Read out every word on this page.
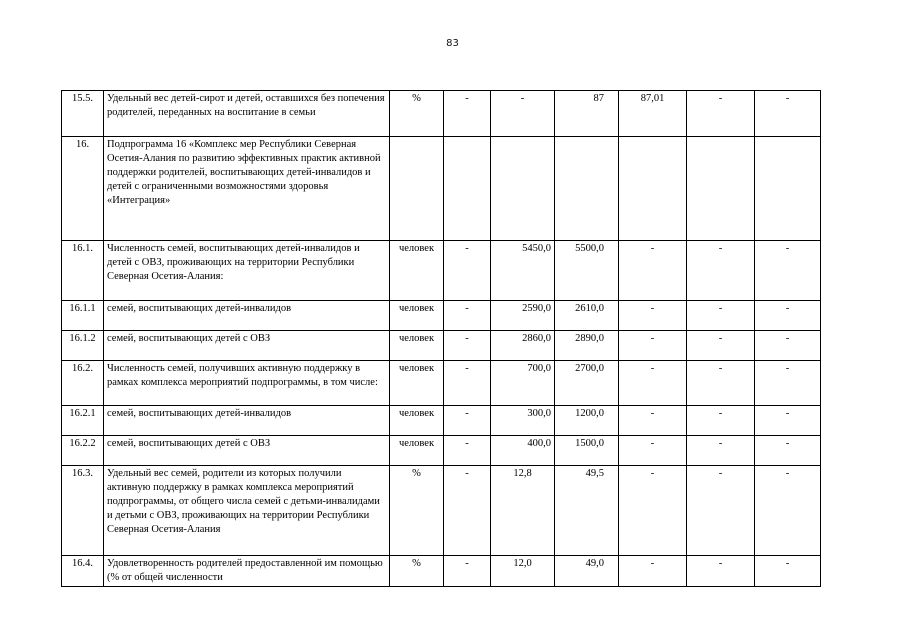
83
15.5.	Удельный вес детей-сирот и детей, оставшихся без попечения родителей, переданных на воспитание в семьи	%	-	-	87	87,01	-	-
16.	Подпрограмма 16 «Комплекс мер Республики Северная Осетия-Алания по развитию эффективных практик активной поддержки родителей, воспитывающих детей-инвалидов и детей с ограниченными возможностями здоровья «Интеграция»							
16.1.	Численность семей, воспитывающих детей-инвалидов и детей с ОВЗ, проживающих на территории Республики Северная Осетия-Алания:	человек	-	5450,0	5500,0	-	-	-
16.1.1	семей, воспитывающих детей-инвалидов	человек	-	2590,0	2610,0	-	-	-
16.1.2	семей, воспитывающих детей с ОВЗ	человек	-	2860,0	2890,0	-	-	-
16.2.	Численность семей, получивших активную поддержку в рамках комплекса мероприятий подпрограммы, в том числе:	человек	-	700,0	2700,0	-	-	-
16.2.1	семей, воспитывающих детей-инвалидов	человек	-	300,0	1200,0	-	-	-
16.2.2	семей, воспитывающих детей с ОВЗ	человек	-	400,0	1500,0	-	-	-
16.3.	Удельный вес семей, родители из которых получили активную поддержку в рамках комплекса мероприятий подпрограммы, от общего числа семей с детьми-инвалидами и детьми с ОВЗ, проживающих на территории Республики Северная Осетия-Алания	%	-	12,8	49,5	-	-	-
16.4.	Удовлетворенность родителей предоставленной им помощью (% от общей численности	%	-	12,0	49,0	-	-	-
